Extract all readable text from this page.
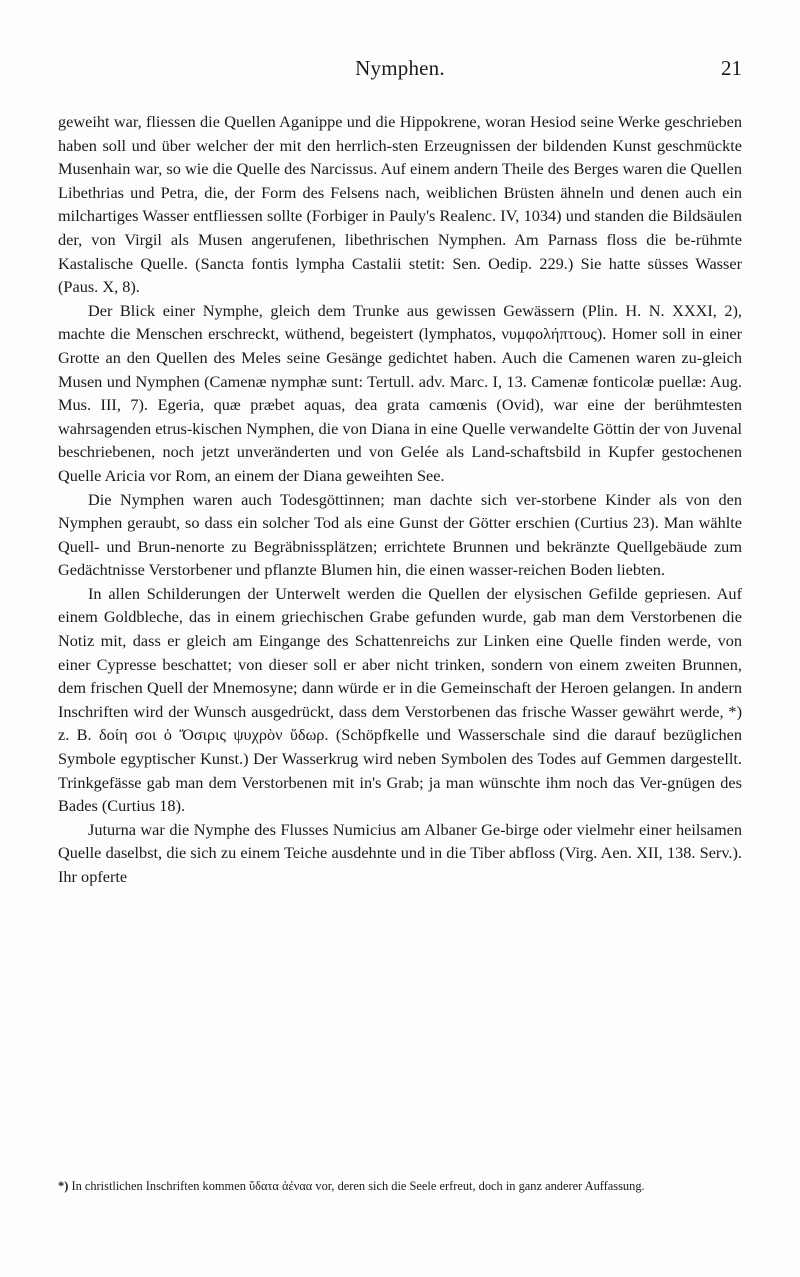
Nymphen.	21

geweiht war, fliessen die Quellen Aganippe und die Hippokrene, woran Hesiod seine Werke geschrieben haben soll und über welcher der mit den herrlich-sten Erzeugnissen der bildenden Kunst geschmückte Musenhain war, so wie die Quelle des Narcissus. Auf einem andern Theile des Berges waren die Quellen Libethrias und Petra, die, der Form des Felsens nach, weiblichen Brüsten ähneln und denen auch ein milchartiges Wasser entfliessen sollte (Forbiger in Pauly's Realenc. IV, 1034) und standen die Bildsäulen der, von Virgil als Musen angerufenen, libethrischen Nymphen. Am Parnass floss die be-rühmte Kastalische Quelle. (Sancta fontis lympha Castalii stetit: Sen. Oedip. 229.) Sie hatte süsses Wasser (Paus. X, 8).

Der Blick einer Nymphe, gleich dem Trunke aus gewissen Gewässern (Plin. H. N. XXXI, 2), machte die Menschen erschreckt, wüthend, begeistert (lymphatos, νυμφολήπτους). Homer soll in einer Grotte an den Quellen des Meles seine Gesänge gedichtet haben. Auch die Camenen waren zu-gleich Musen und Nymphen (Camenæ nymphæ sunt: Tertull. adv. Marc. I, 13. Camenæ fonticolæ puellæ: Aug. Mus. III, 7). Egeria, quæ præbet aquas, dea grata camœnis (Ovid), war eine der berühmtesten wahrsagenden etrus-kischen Nymphen, die von Diana in eine Quelle verwandelte Göttin der von Juvenal beschriebenen, noch jetzt unveränderten und von Gelée als Land-schaftsbild in Kupfer gestochenen Quelle Aricia vor Rom, an einem der Diana geweihten See.

Die Nymphen waren auch Todesgöttinnen; man dachte sich ver-storbene Kinder als von den Nymphen geraubt, so dass ein solcher Tod als eine Gunst der Götter erschien (Curtius 23). Man wählte Quell- und Brun-nenorte zu Begräbnissplätzen; errichtete Brunnen und bekränzte Quellgebäude zum Gedächtnisse Verstorbener und pflanzte Blumen hin, die einen wasser-reichen Boden liebten.

In allen Schilderungen der Unterwelt werden die Quellen der elysischen Gefilde gepriesen. Auf einem Goldbleche, das in einem griechischen Grabe gefunden wurde, gab man dem Verstorbenen die Notiz mit, dass er gleich am Eingange des Schattenreichs zur Linken eine Quelle finden werde, von einer Cypresse beschattet; von dieser soll er aber nicht trinken, sondern von einem zweiten Brunnen, dem frischen Quell der Mnemosyne; dann würde er in die Gemeinschaft der Heroen gelangen. In andern Inschriften wird der Wunsch ausgedrückt, dass dem Verstorbenen das frische Wasser gewährt werde, *) z. B. δοίη σοι ὁ Ὄσιρις ψυχρὸν ὕδωρ. (Schöpfkelle und Wasserschale sind die darauf bezüglichen Symbole egyptischer Kunst.) Der Wasserkrug wird neben Symbolen des Todes auf Gemmen dargestellt. Trinkgefässe gab man dem Verstorbenen mit in's Grab; ja man wünschte ihm noch das Ver-gnügen des Bades (Curtius 18).

Juturna war die Nymphe des Flusses Numicius am Albaner Ge-birge oder vielmehr einer heilsamen Quelle daselbst, die sich zu einem Teiche ausdehnte und in die Tiber abfloss (Virg. Aen. XII, 138. Serv.). Ihr opferte

*) In christlichen Inschriften kommen ὕδατα ἀέναα vor, deren sich die Seele erfreut, doch in ganz anderer Auffassung.
